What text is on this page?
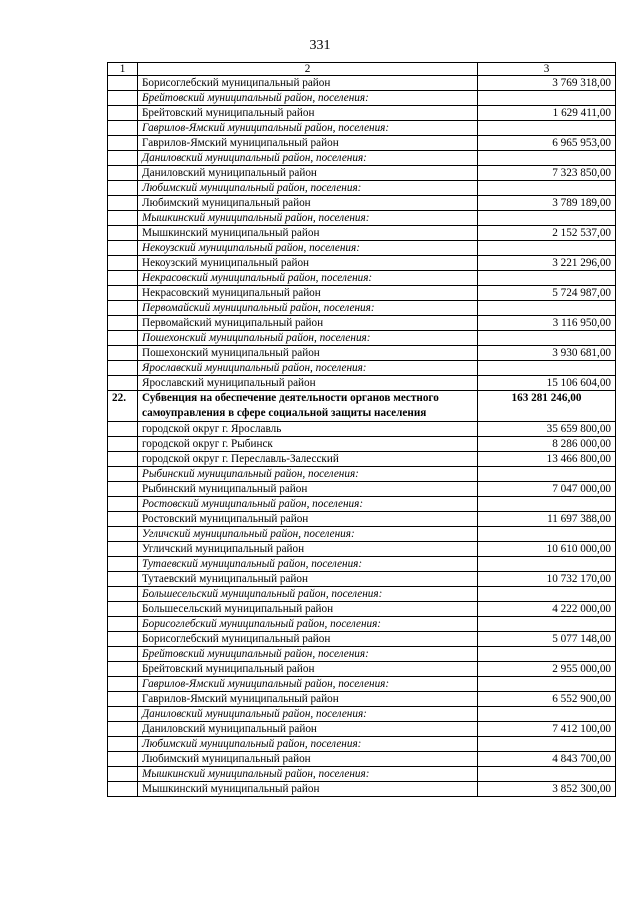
331
1	2	3
	Борисоглебский муниципальный район	3 769 318,00
	Брейтовский муниципальный район, поселения:	
	Брейтовский муниципальный район	1 629 411,00
	Гаврилов-Ямский муниципальный район, поселения:	
	Гаврилов-Ямский муниципальный район	6 965 953,00
	Даниловский муниципальный район, поселения:	
	Даниловский муниципальный район	7 323 850,00
	Любимский муниципальный район, поселения:	
	Любимский муниципальный район	3 789 189,00
	Мышкинский муниципальный район, поселения:	
	Мышкинский муниципальный район	2 152 537,00
	Некоузский муниципальный район, поселения:	
	Некоузский муниципальный район	3 221 296,00
	Некрасовский муниципальный район, поселения:	
	Некрасовский муниципальный район	5 724 987,00
	Первомайский муниципальный район, поселения:	
	Первомайский муниципальный район	3 116 950,00
	Пошехонский муниципальный район, поселения:	
	Пошехонский муниципальный район	3 930 681,00
	Ярославский муниципальный район, поселения:	
	Ярославский муниципальный район	15 106 604,00
22.	Субвенция на обеспечение деятельности органов местного самоуправления в сфере социальной защиты населения	163 281 246,00
	городской округ г. Ярославль	35 659 800,00
	городской округ г. Рыбинск	8 286 000,00
	городской округ г. Переславль-Залесский	13 466 800,00
	Рыбинский муниципальный район, поселения:	
	Рыбинский муниципальный район	7 047 000,00
	Ростовский муниципальный район, поселения:	
	Ростовский муниципальный район	11 697 388,00
	Угличский муниципальный район, поселения:	
	Угличский муниципальный район	10 610 000,00
	Тутаевский муниципальный район, поселения:	
	Тутаевский муниципальный район	10 732 170,00
	Большесельский муниципальный район, поселения:	
	Большесельский муниципальный район	4 222 000,00
	Борисоглебский муниципальный район, поселения:	
	Борисоглебский муниципальный район	5 077 148,00
	Брейтовский муниципальный район, поселения:	
	Брейтовский муниципальный район	2 955 000,00
	Гаврилов-Ямский муниципальный район, поселения:	
	Гаврилов-Ямский муниципальный район	6 552 900,00
	Даниловский муниципальный район, поселения:	
	Даниловский муниципальный район	7 412 100,00
	Любимский муниципальный район, поселения:	
	Любимский муниципальный район	4 843 700,00
	Мышкинский муниципальный район, поселения:	
	Мышкинский муниципальный район	3 852 300,00
